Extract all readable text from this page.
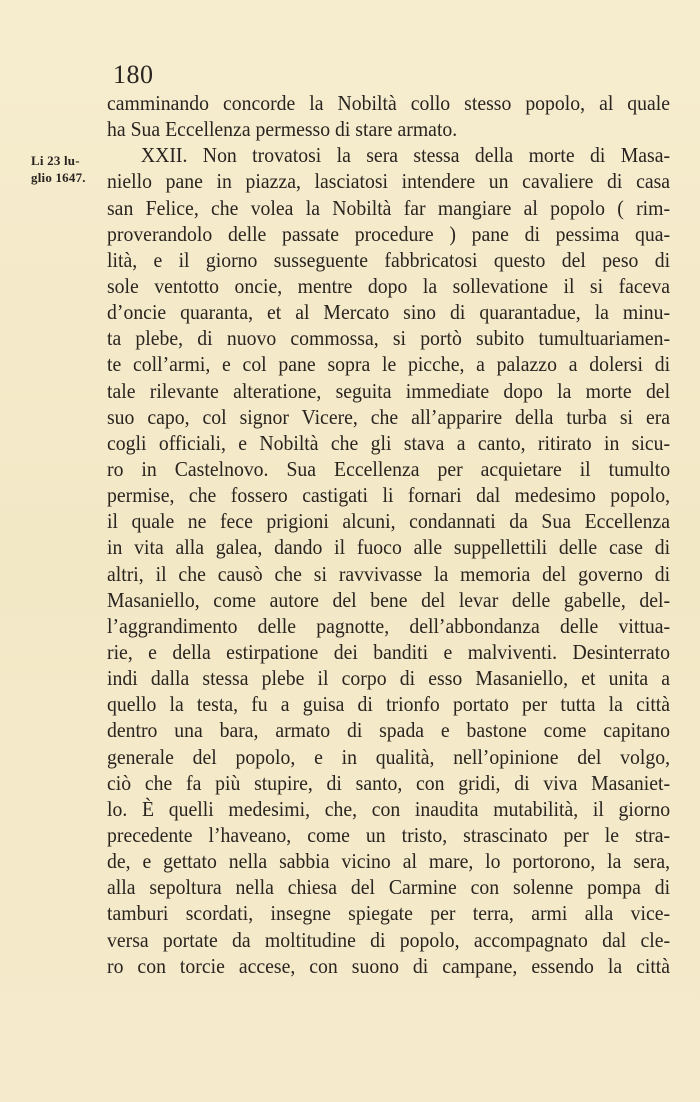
180
Li 23 lu-
glio 1647.
camminando concorde la Nobiltà collo stesso popolo, al quale
ha Sua Eccellenza permesso di stare armato.
XXII. Non trovatosi la sera stessa della morte di Masa-
niello pane in piazza, lasciatosi intendere un cavaliere di casa
san Felice, che volea la Nobiltà far mangiare al popolo ( rim-
proverandolo delle passate procedure ) pane di pessima qua-
lità, e il giorno susseguente fabbricatosi questo del peso di
sole ventotto oncie, mentre dopo la sollevatione il si faceva
d’oncie quaranta, et al Mercato sino di quarantadue, la minu-
ta plebe, di nuovo commossa, si portò subito tumultuariamen-
te coll’armi, e col pane sopra le picche, a palazzo a dolersi di
tale rilevante alteratione, seguita immediate dopo la morte del
suo capo, col signor Vicere, che all’apparire della turba si era
cogli officiali, e Nobiltà che gli stava a canto, ritirato in sicu-
ro in Castelnovo. Sua Eccellenza per acquietare il tumulto
permise, che fossero castigati li fornari dal medesimo popolo,
il quale ne fece prigioni alcuni, condannati da Sua Eccellenza
in vita alla galea, dando il fuoco alle suppellettili delle case di
altri, il che causò che si ravvivasse la memoria del governo di
Masaniello, come autore del bene del levar delle gabelle, del-
l’aggrandimento delle pagnotte, dell’abbondanza delle vittua-
rie, e della estirpatione dei banditi e malviventi. Desinterrato
indi dalla stessa plebe il corpo di esso Masaniello, et unita a
quello la testa, fu a guisa di trionfo portato per tutta la città
dentro una bara, armato di spada e bastone come capitano
generale del popolo, e in qualità, nell’opinione del volgo,
ciò che fa più stupire, di santo, con gridi, di viva Masaniet-
lo. È quelli medesimi, che, con inaudita mutabilità, il giorno
precedente l’haveano, come un tristo, strascinato per le stra-
de, e gettato nella sabbia vicino al mare, lo portorono, la sera,
alla sepoltura nella chiesa del Carmine con solenne pompa di
tamburi scordati, insegne spiegate per terra, armi alla vice-
versa portate da moltitudine di popolo, accompagnato dal cle-
ro con torcie accese, con suono di campane, essendo la città
